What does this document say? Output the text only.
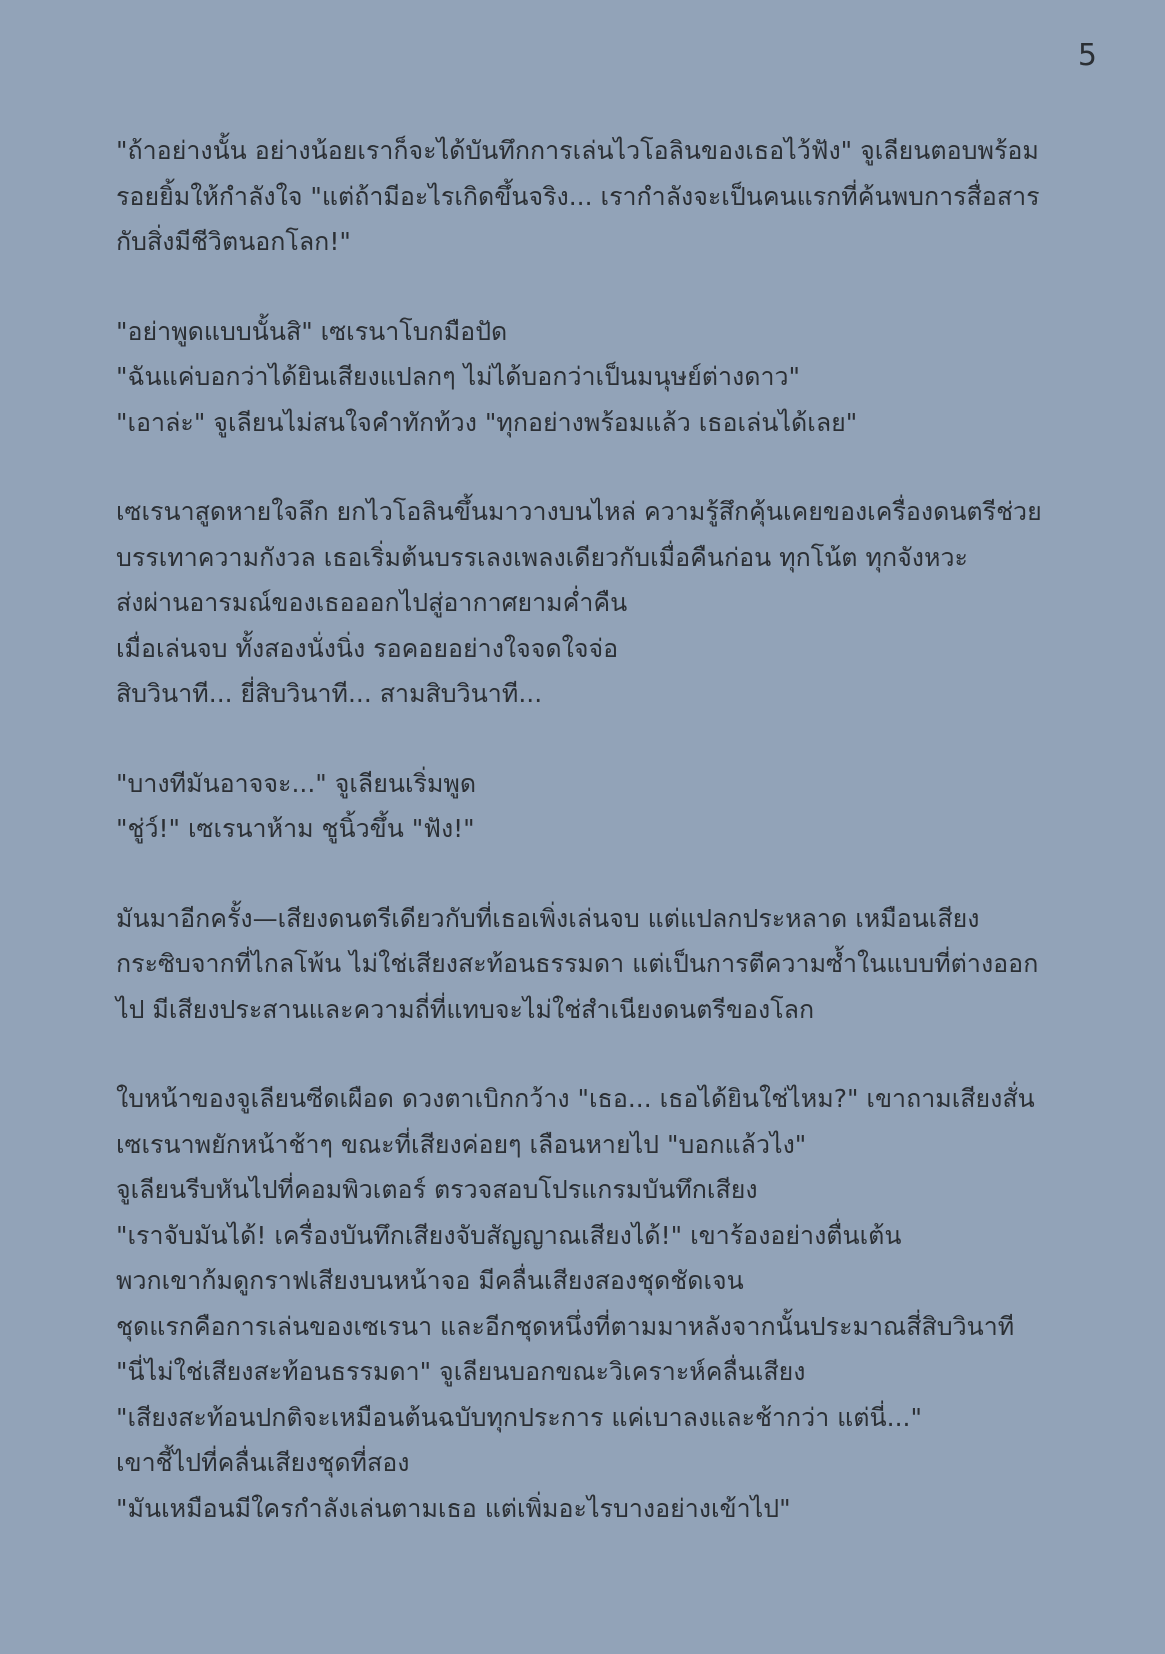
5
"ถ้าอย่างนั้น อย่างน้อยเราก็จะได้บันทึกการเล่นไวโอลินของเธอไว้ฟัง" จูเลียนตอบพร้อม
รอยยิ้มให้กำลังใจ "แต่ถ้ามีอะไรเกิดขึ้นจริง... เรากำลังจะเป็นคนแรกที่ค้นพบการสื่อสาร
กับสิ่งมีชีวิตนอกโลก!"
"อย่าพูดแบบนั้นสิ" เซเรนาโบกมือปัด
"ฉันแค่บอกว่าได้ยินเสียงแปลกๆ ไม่ได้บอกว่าเป็นมนุษย์ต่างดาว"
"เอาล่ะ" จูเลียนไม่สนใจคำทักท้วง "ทุกอย่างพร้อมแล้ว เธอเล่นได้เลย"
เซเรนาสูดหายใจลึก ยกไวโอลินขึ้นมาวางบนไหล่ ความรู้สึกคุ้นเคยของเครื่องดนตรีช่วย
บรรเทาความกังวล เธอเริ่มต้นบรรเลงเพลงเดียวกับเมื่อคืนก่อน ทุกโน้ต ทุกจังหวะ
ส่งผ่านอารมณ์ของเธอออกไปสู่อากาศยามค่ำคืน
เมื่อเล่นจบ ทั้งสองนั่งนิ่ง รอคอยอย่างใจจดใจจ่อ
สิบวินาที... ยี่สิบวินาที... สามสิบวินาที...
"บางทีมันอาจจะ..." จูเลียนเริ่มพูด
"ชู่ว์!" เซเรนาห้าม ชูนิ้วขึ้น "ฟัง!"
มันมาอีกครั้ง—เสียงดนตรีเดียวกับที่เธอเพิ่งเล่นจบ แต่แปลกประหลาด เหมือนเสียง
กระซิบจากที่ไกลโพ้น ไม่ใช่เสียงสะท้อนธรรมดา แต่เป็นการตีความซ้ำในแบบที่ต่างออก
ไป มีเสียงประสานและความถี่ที่แทบจะไม่ใช่สำเนียงดนตรีของโลก
ใบหน้าของจูเลียนซีดเผือด ดวงตาเบิกกว้าง "เธอ... เธอได้ยินใช่ไหม?" เขาถามเสียงสั่น
เซเรนาพยักหน้าช้าๆ ขณะที่เสียงค่อยๆ เลือนหายไป "บอกแล้วไง"
จูเลียนรีบหันไปที่คอมพิวเตอร์ ตรวจสอบโปรแกรมบันทึกเสียง
"เราจับมันได้! เครื่องบันทึกเสียงจับสัญญาณเสียงได้!" เขาร้องอย่างตื่นเต้น
พวกเขาก้มดูกราฟเสียงบนหน้าจอ มีคลื่นเสียงสองชุดชัดเจน
ชุดแรกคือการเล่นของเซเรนา และอีกชุดหนึ่งที่ตามมาหลังจากนั้นประมาณสี่สิบวินาที
"นี่ไม่ใช่เสียงสะท้อนธรรมดา" จูเลียนบอกขณะวิเคราะห์คลื่นเสียง
"เสียงสะท้อนปกติจะเหมือนต้นฉบับทุกประการ แค่เบาลงและช้ากว่า แต่นี่..."
เขาชี้ไปที่คลื่นเสียงชุดที่สอง
"มันเหมือนมีใครกำลังเล่นตามเธอ แต่เพิ่มอะไรบางอย่างเข้าไป"
